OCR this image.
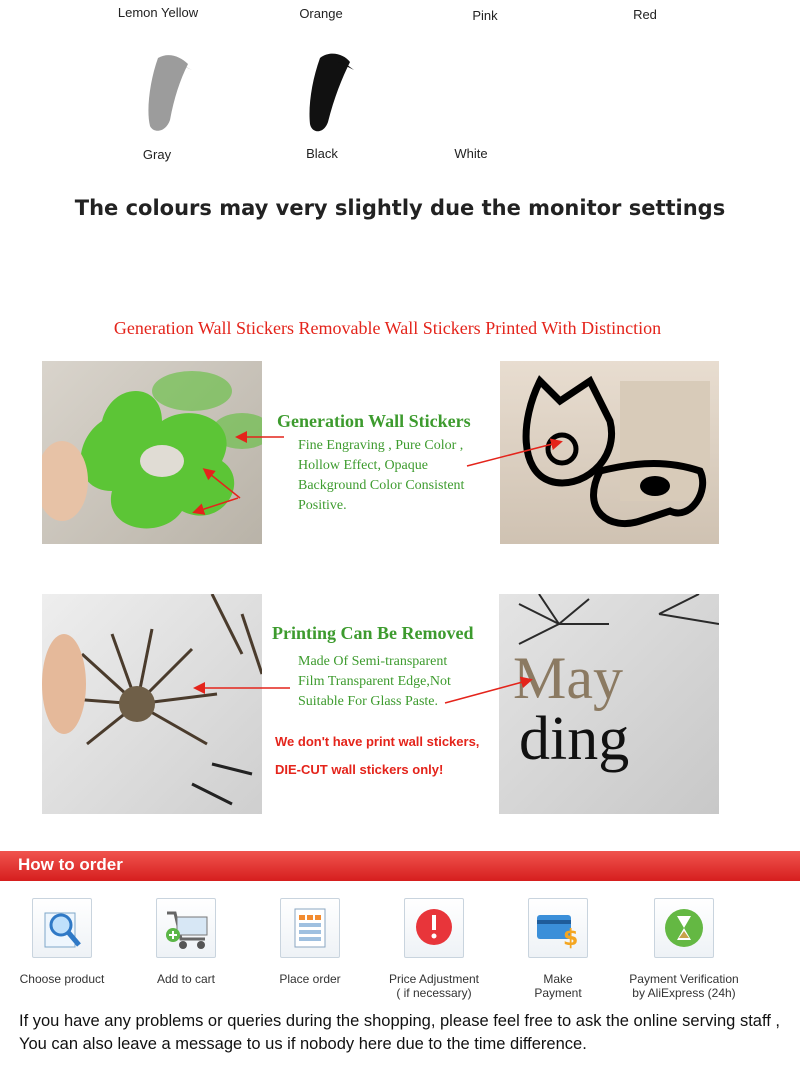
Lemon Yellow	Orange	Pink	Red
Gray	Black	White
The colours may very slightly due the monitor settings
Generation Wall Stickers Removable Wall Stickers Printed With Distinction
Generation Wall Stickers
Fine Engraving , Pure Color ,
Hollow Effect, Opaque
Background Color Consistent
Positive.
May
ding
Printing Can Be Removed
Made Of Semi-transparent
Film Transparent Edge,Not
Suitable For Glass Paste.
We don't have print wall stickers,
DIE-CUT wall stickers only!
How to order
Choose product	Add to cart	Place order	Price Adjustment
( if necessary)
$
Make
Payment
Payment Verification
by AliExpress (24h)
If you have any problems or queries during the shopping, please feel free to ask the online serving staff ,
You can also leave a message to us if nobody here due to the time difference.
